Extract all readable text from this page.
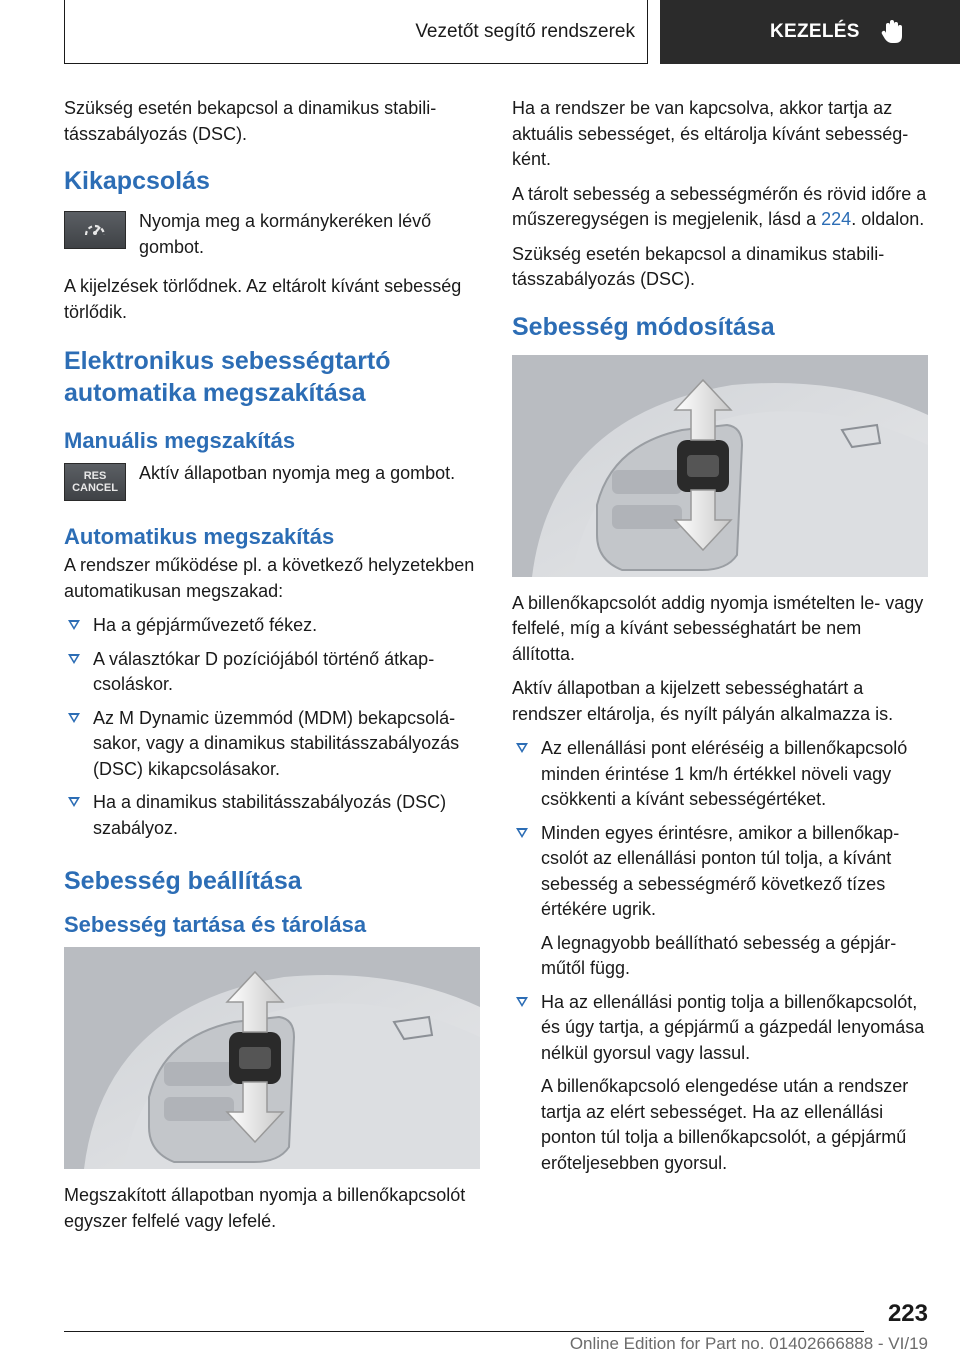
Vezetőt segítő rendszerek	KEZELÉS

Szükség esetén bekapcsol a dinamikus stabilitásszabályozás (DSC).

Kikapcsolás

Nyomja meg a kormánykeréken lévő gombot.

A kijelzések törlődnek. Az eltárolt kívánt sebesség törlődik.

Elektronikus sebességtartó automatika megszakítása
Manuális megszakítás
RES
CANCEL

Aktív állapotban nyomja meg a gombot.

Automatikus megszakítás

A rendszer működése pl. a következő helyzetekben automatikusan megszakad:

Ha a gépjárművezető fékez.
A választókar D pozíciójából történő átkapcsoláskor.
Az M Dynamic üzemmód (MDM) bekapcsolásakor, vagy a dinamikus stabilitásszabályozás (DSC) kikapcsolásakor.
Ha a dinamikus stabilitásszabályozás (DSC) szabályoz.
Sebesség beállítása
Sebesség tartása és tárolása

Megszakított állapotban nyomja a billenőkapcsolót egyszer felfelé vagy lefelé.

Ha a rendszer be van kapcsolva, akkor tartja az aktuális sebességet, és eltárolja kívánt sebességként.

A tárolt sebesség a sebességmérőn és rövid időre a műszeregységen is megjelenik, lásd a 224. oldalon.

Szükség esetén bekapcsol a dinamikus stabilitásszabályozás (DSC).

Sebesség módosítása

A billenőkapcsolót addig nyomja ismételten le- vagy felfelé, míg a kívánt sebességhatárt be nem állította.

Aktív állapotban a kijelzett sebességhatárt a rendszer eltárolja, és nyílt pályán alkalmazza is.

Az ellenállási pont eléréséig a billenőkapcsoló minden érintése 1 km/h értékkel növeli vagy csökkenti a kívánt sebességértéket.
Minden egyes érintésre, amikor a billenőkapcsolót az ellenállási ponton túl tolja, a kívánt sebesség a sebességmérő következő tízes értékére ugrik.
A legnagyobb beállítható sebesség a gépjárműtől függ.
Ha az ellenállási pontig tolja a billenőkapcsolót, és úgy tartja, a gépjármű a gázpedál lenyomása nélkül gyorsul vagy lassul.
A billenőkapcsoló elengedése után a rendszer tartja az elért sebességet. Ha az ellenállási ponton túl tolja a billenőkapcsolót, a gépjármű erőteljesebben gyorsul.
223
Online Edition for Part no. 01402666888 - VI/19
